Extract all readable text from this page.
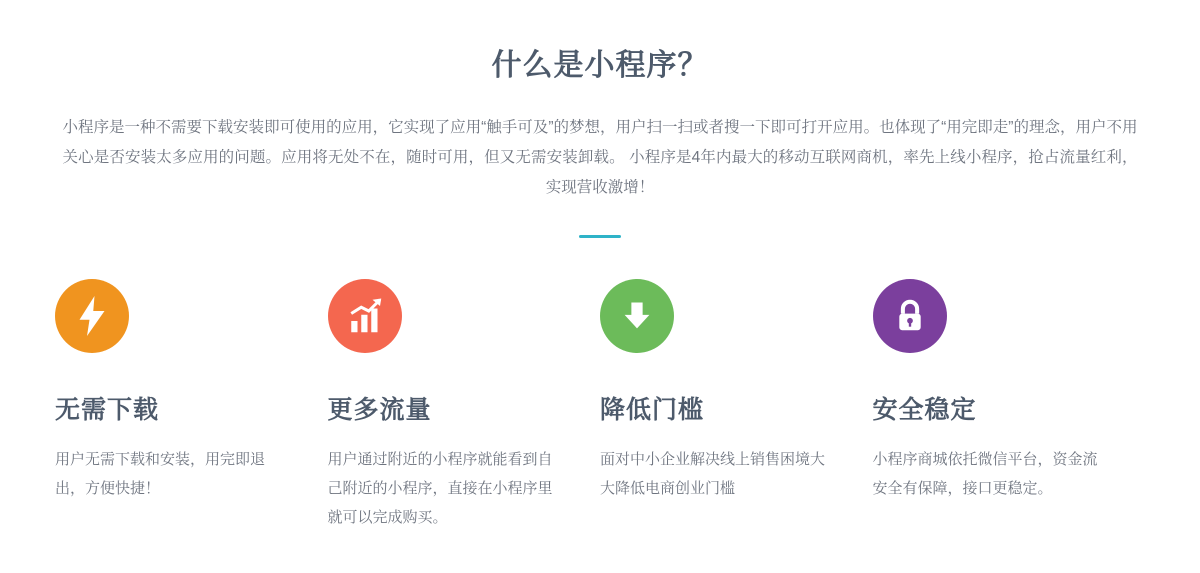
什么是小程序？

小程序是一种不需要下载安装即可使用的应用，它实现了应用“触手可及”的梦想，用户扫一扫或者搜一下即可打开应用。也体现了“用完即走”的理念，用户不用关心是否安装太多应用的问题。应用将无处不在，随时可用，但又无需安装卸载。 小程序是4年内最大的移动互联网商机，率先上线小程序，抢占流量红利，实现营收激增！

无需下载

用户无需下载和安装，用完即退出，方便快捷！

更多流量

用户通过附近的小程序就能看到自己附近的小程序，直接在小程序里就可以完成购买。

降低门槛

面对中小企业解决线上销售困境大大降低电商创业门槛

安全稳定

小程序商城依托微信平台，资金流安全有保障，接口更稳定。
